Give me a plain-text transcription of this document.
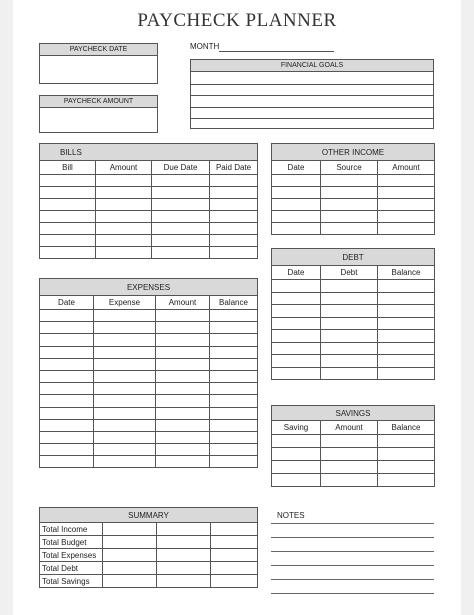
PAYCHECK PLANNER
PAYCHECK DATE
PAYCHECK AMOUNT
MONTH
FINANCIAL GOALS
BILLS			
Bill	Amount	Due Date	Paid Date

OTHER INCOME		
Date	Source	Amount

DEBT		
Date	Debt	Balance

EXPENSES			
Date	Expense	Amount	Balance

SAVINGS		
Saving	Amount	Balance

SUMMARY			
Total Income			
Total Budget			
Total Expenses			
Total Debt			
Total Savings			
NOTES
